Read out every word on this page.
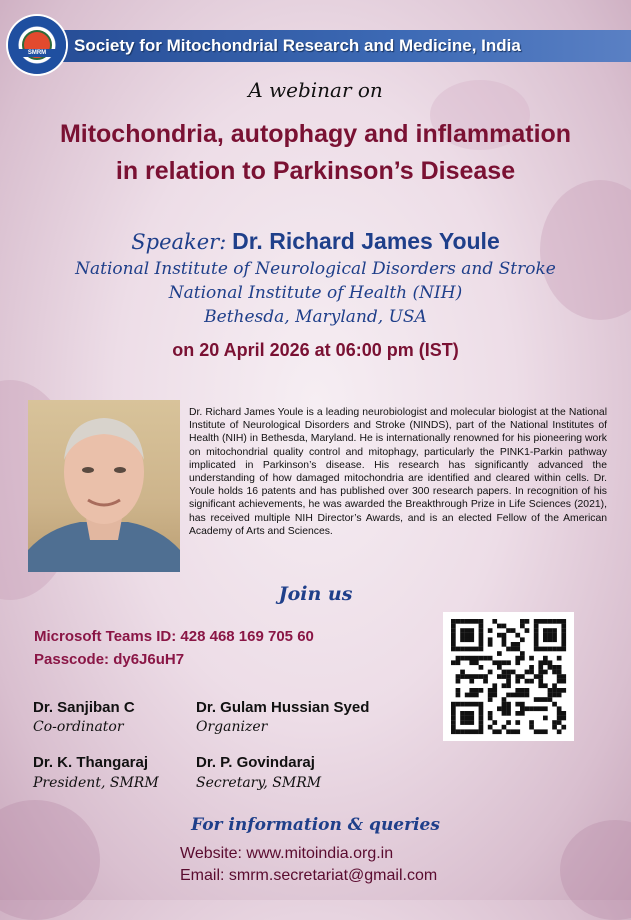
SMRM	Society for Mitochondrial Research and Medicine, India
A webinar on
Mitochondria, autophagy and inflammation
in relation to Parkinson’s Disease
Speaker: Dr. Richard James Youle
National Institute of Neurological Disorders and Stroke
National Institute of Health (NIH)
Bethesda, Maryland, USA
on 20 April 2026 at 06:00 pm (IST)
Dr. Richard James Youle is a leading neurobiologist and molecular biologist at the National Institute of Neurological Disorders and Stroke (NINDS), part of the National Institutes of Health (NIH) in Bethesda, Maryland. He is internationally renowned for his pioneering work on mitochondrial quality control and mitophagy, particularly the PINK1-Parkin pathway implicated in Parkinson’s disease. His research has significantly advanced the understanding of how damaged mitochondria are identified and cleared within cells. Dr. Youle holds 16 patents and has published over 300 research papers. In recognition of his significant achievements, he was awarded the Breakthrough Prize in Life Sciences (2021), has received multiple NIH Director’s Awards, and is an elected Fellow of the American Academy of Arts and Sciences.
Join us
Microsoft Teams ID: 428 468 169 705 60
Passcode: dy6J6uH7
Dr. Sanjiban C
Co-ordinator
Dr. Gulam Hussian Syed
Organizer
Dr. K. Thangaraj
President, SMRM
Dr. P. Govindaraj
Secretary, SMRM
For information & queries
Website: www.mitoindia.org.in
Email: smrm.secretariat@gmail.com
